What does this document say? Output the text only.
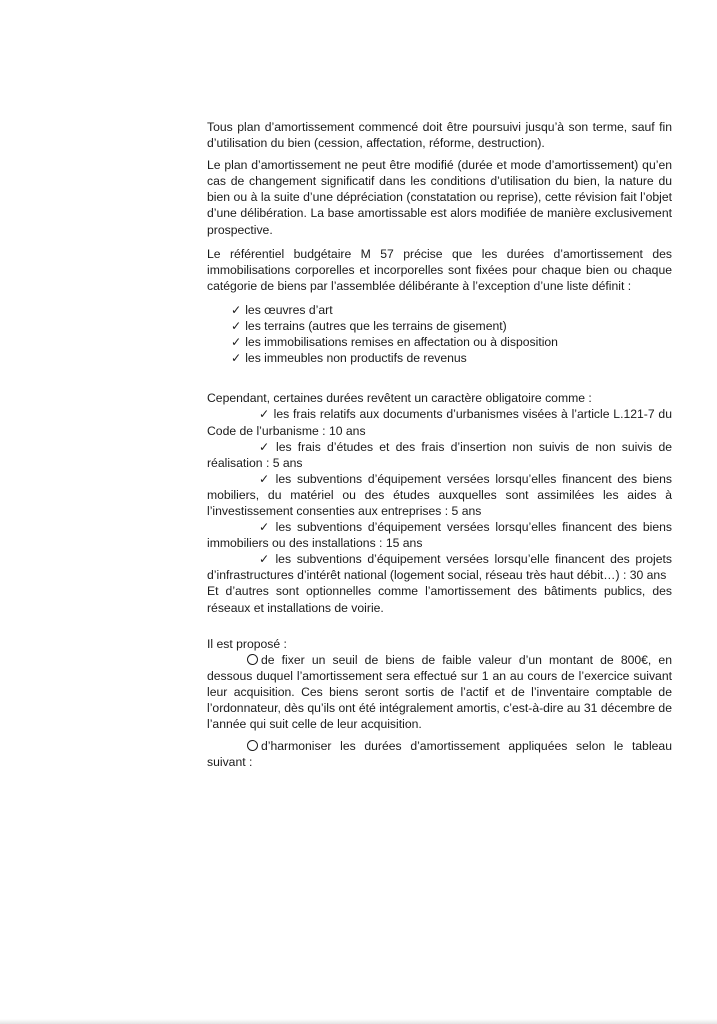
Tous plan d’amortissement commencé doit être poursuivi jusqu’à son terme, sauf fin d’utilisation du bien (cession, affectation, réforme, destruction).

Le plan d’amortissement ne peut être modifié (durée et mode d’amortissement) qu’en cas de changement significatif dans les conditions d’utilisation du bien, la nature du bien ou à la suite d’une dépréciation (constatation ou reprise), cette révision fait l’objet d’une délibération. La base amortissable est alors modifiée de manière exclusivement prospective.

Le référentiel budgétaire M 57 précise que les durées d’amortissement des immobilisations corporelles et incorporelles sont fixées pour chaque bien ou chaque catégorie de biens par l’assemblée délibérante à l’exception d’une liste définit :

✓ les œuvres d’art
✓ les terrains (autres que les terrains de gisement)
✓ les immobilisations remises en affectation ou à disposition
✓ les immeubles non productifs de revenus

Cependant, certaines durées revêtent un caractère obligatoire comme :

✓ les frais relatifs aux documents d’urbanismes visées à l’article L.121-7 du Code de l’urbanisme : 10 ans

✓ les frais d’études et des frais d’insertion non suivis de non suivis de réalisation : 5 ans

✓ les subventions d’équipement versées lorsqu’elles financent des biens mobiliers, du matériel ou des études auxquelles sont assimilées les aides à l’investissement consenties aux entreprises : 5 ans

✓ les subventions d’équipement versées lorsqu’elles financent des biens immobiliers ou des installations : 15 ans

✓ les subventions d’équipement versées lorsqu’elle financent des projets d’infrastructures d’intérêt national (logement social, réseau très haut débit…) : 30 ans

Et d’autres sont optionnelles comme l’amortissement des bâtiments publics, des réseaux et installations de voirie.

Il est proposé :

de fixer un seuil de biens de faible valeur d’un montant de 800€, en dessous duquel l’amortissement sera effectué sur 1 an au cours de l’exercice suivant leur acquisition. Ces biens seront sortis de l’actif et de l’inventaire comptable de l’ordonnateur, dès qu’ils ont été intégralement amortis, c’est-à-dire au 31 décembre de l’année qui suit celle de leur acquisition.

d’harmoniser les durées d’amortissement appliquées selon le tableau suivant :
